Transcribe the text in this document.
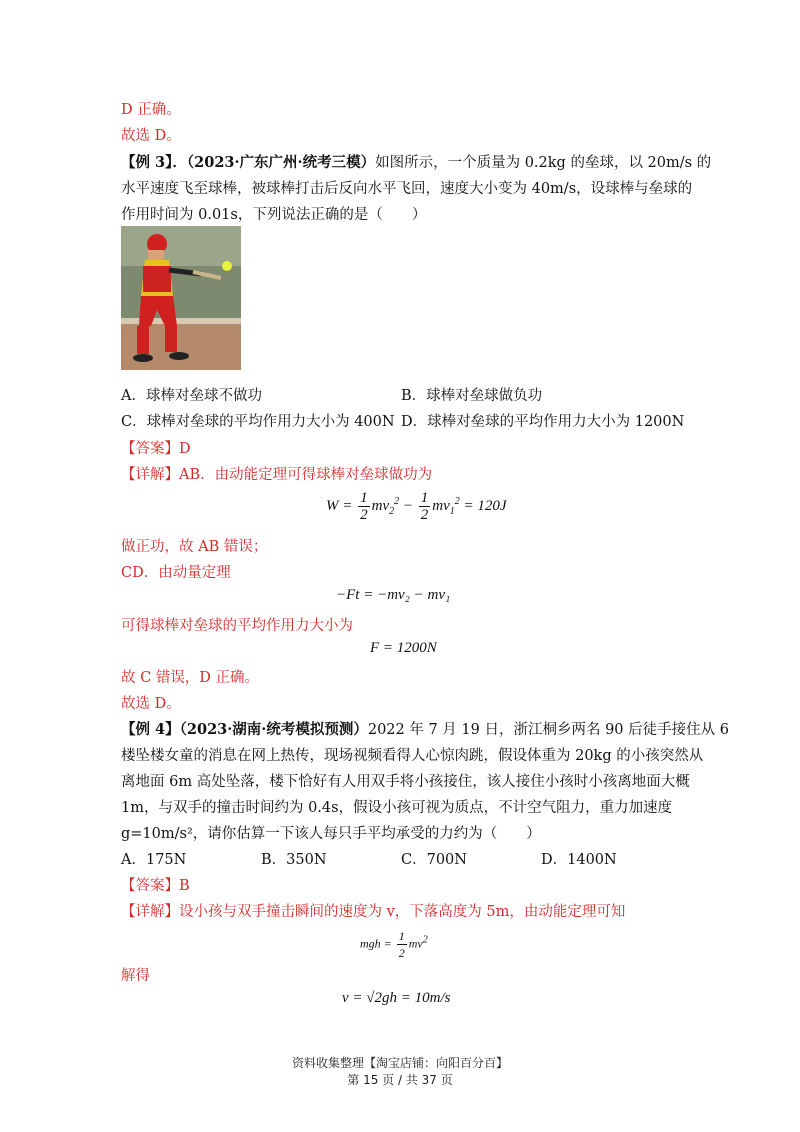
D 正确。
故选 D。
【例 3】．（2023·广东广州·统考三模）如图所示，一个质量为 0.2kg 的垒球，以 20m/s 的
水平速度飞至球棒，被球棒打击后反向水平飞回，速度大小变为 40m/s，设球棒与垒球的
作用时间为 0.01s，下列说法正确的是（　　）
A．球棒对垒球不做功	B．球棒对垒球做负功
C．球棒对垒球的平均作用力大小为 400N D．球棒对垒球的平均作用力大小为 1200N
【答案】D
【详解】AB．由动能定理可得球棒对垒球做功为
$W = \frac{1}{2} mv_2^2 - \frac{1}{2} mv_1^2 = 120J$
做正功，故 AB 错误；
CD．由动量定理
−Ft = −mv₂ − mv₁
可得球棒对垒球的平均作用力大小为
F = 1200N
故 C 错误，D 正确。
故选 D。
【例 4】（2023·湖南·统考模拟预测）2022 年 7 月 19 日，浙江桐乡两名 90 后徒手接住从 6
楼坠楼女童的消息在网上热传，现场视频看得人心惊肉跳，假设体重为 20kg 的小孩突然从
离地面 6m 高处坠落，楼下恰好有人用双手将小孩接住，该人接住小孩时小孩离地面大概
1m，与双手的撞击时间约为 0.4s，假设小孩可视为质点，不计空气阻力，重力加速度
g=10m/s²，请你估算一下该人每只手平均承受的力约为（　　）
A．175N	B．350N	C．700N	D．1400N
【答案】B
【详解】设小孩与双手撞击瞬间的速度为 v，下落高度为 5m，由动能定理可知
mgh = $\frac{1}{2} mv^2$
解得
v = √2gh = 10m/s
资料收集整理【淘宝店铺：向阳百分百】
第 15 页 / 共 37 页
